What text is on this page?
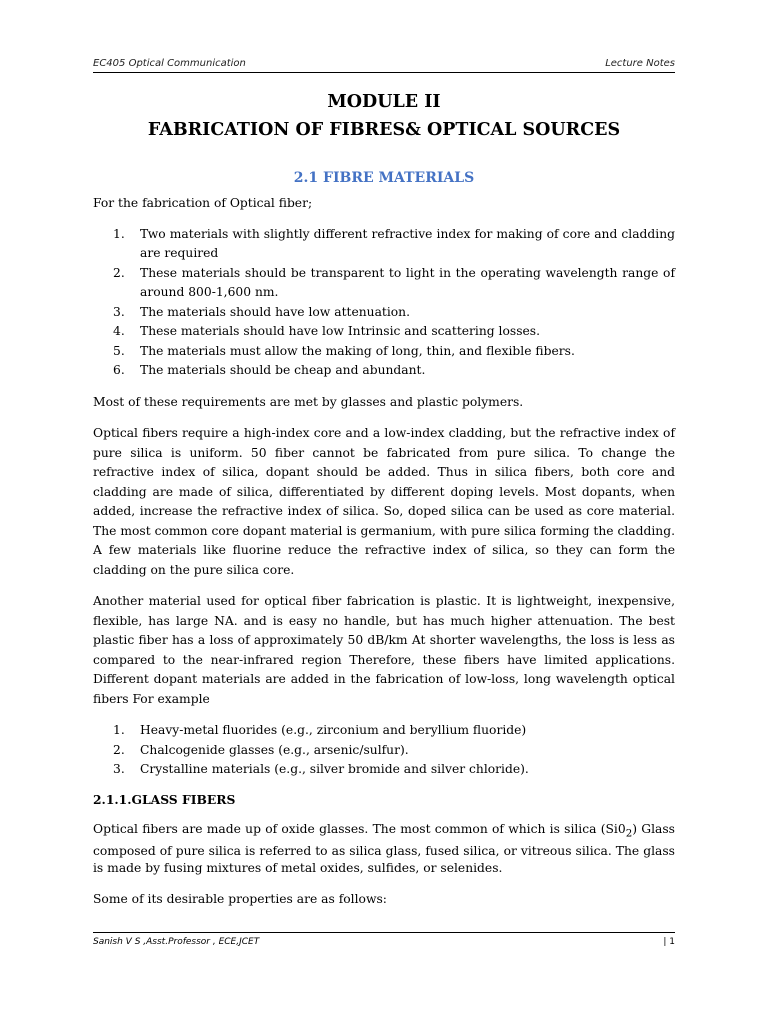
EC405 Optical Communication	Lecture Notes
MODULE II
FABRICATION OF FIBRES& OPTICAL SOURCES
2.1 FIBRE MATERIALS

For the fabrication of Optical fiber;

1.	Two materials with slightly different refractive index for making of core and cladding are required
2.	These materials should be transparent to light in the operating wavelength range of around 800-1,600 nm.
3.	The materials should have low attenuation.
4.	These materials should have low Intrinsic and scattering losses.
5.	The materials must allow the making of long, thin, and flexible fibers.
6.	The materials should be cheap and abundant.

Most of these requirements are met by glasses and plastic polymers.

Optical fibers require a high-index core and a low-index cladding, but the refractive index of pure silica is uniform. 50 fiber cannot be fabricated from pure silica. To change the refractive index of silica, dopant should be added. Thus in silica fibers, both core and cladding are made of silica, differentiated by different doping levels. Most dopants, when added, increase the refractive index of silica. So, doped silica can be used as core material. The most common core dopant material is germanium, with pure silica forming the cladding. A few materials like fluorine reduce the refractive index of silica, so they can form the cladding on the pure silica core.

Another material used for optical fiber fabrication is plastic. It is lightweight, inexpensive, flexible, has large NA. and is easy no handle, but has much higher attenuation. The best plastic fiber has a loss of approximately 50 dB/km At shorter wavelengths, the loss is less as compared to the near-infrared region Therefore, these fibers have limited applications. Different dopant materials are added in the fabrication of low-loss, long wavelength optical fibers For example

1.	Heavy-metal fluorides (e.g., zirconium and beryllium fluoride)
2.	Chalcogenide glasses (e.g., arsenic/sulfur).
3.	Crystalline materials (e.g., silver bromide and silver chloride).
2.1.1.GLASS FIBERS

Optical fibers are made up of oxide glasses. The most common of which is silica $(Si0_2)$ Glass composed of pure silica is referred to as silica glass, fused silica, or vitreous silica. The glass is made by fusing mixtures of metal oxides, sulfides, or selenides.

Some of its desirable properties are as follows:

Sanish V S ,Asst.Professor , ECE,JCET	| 1
